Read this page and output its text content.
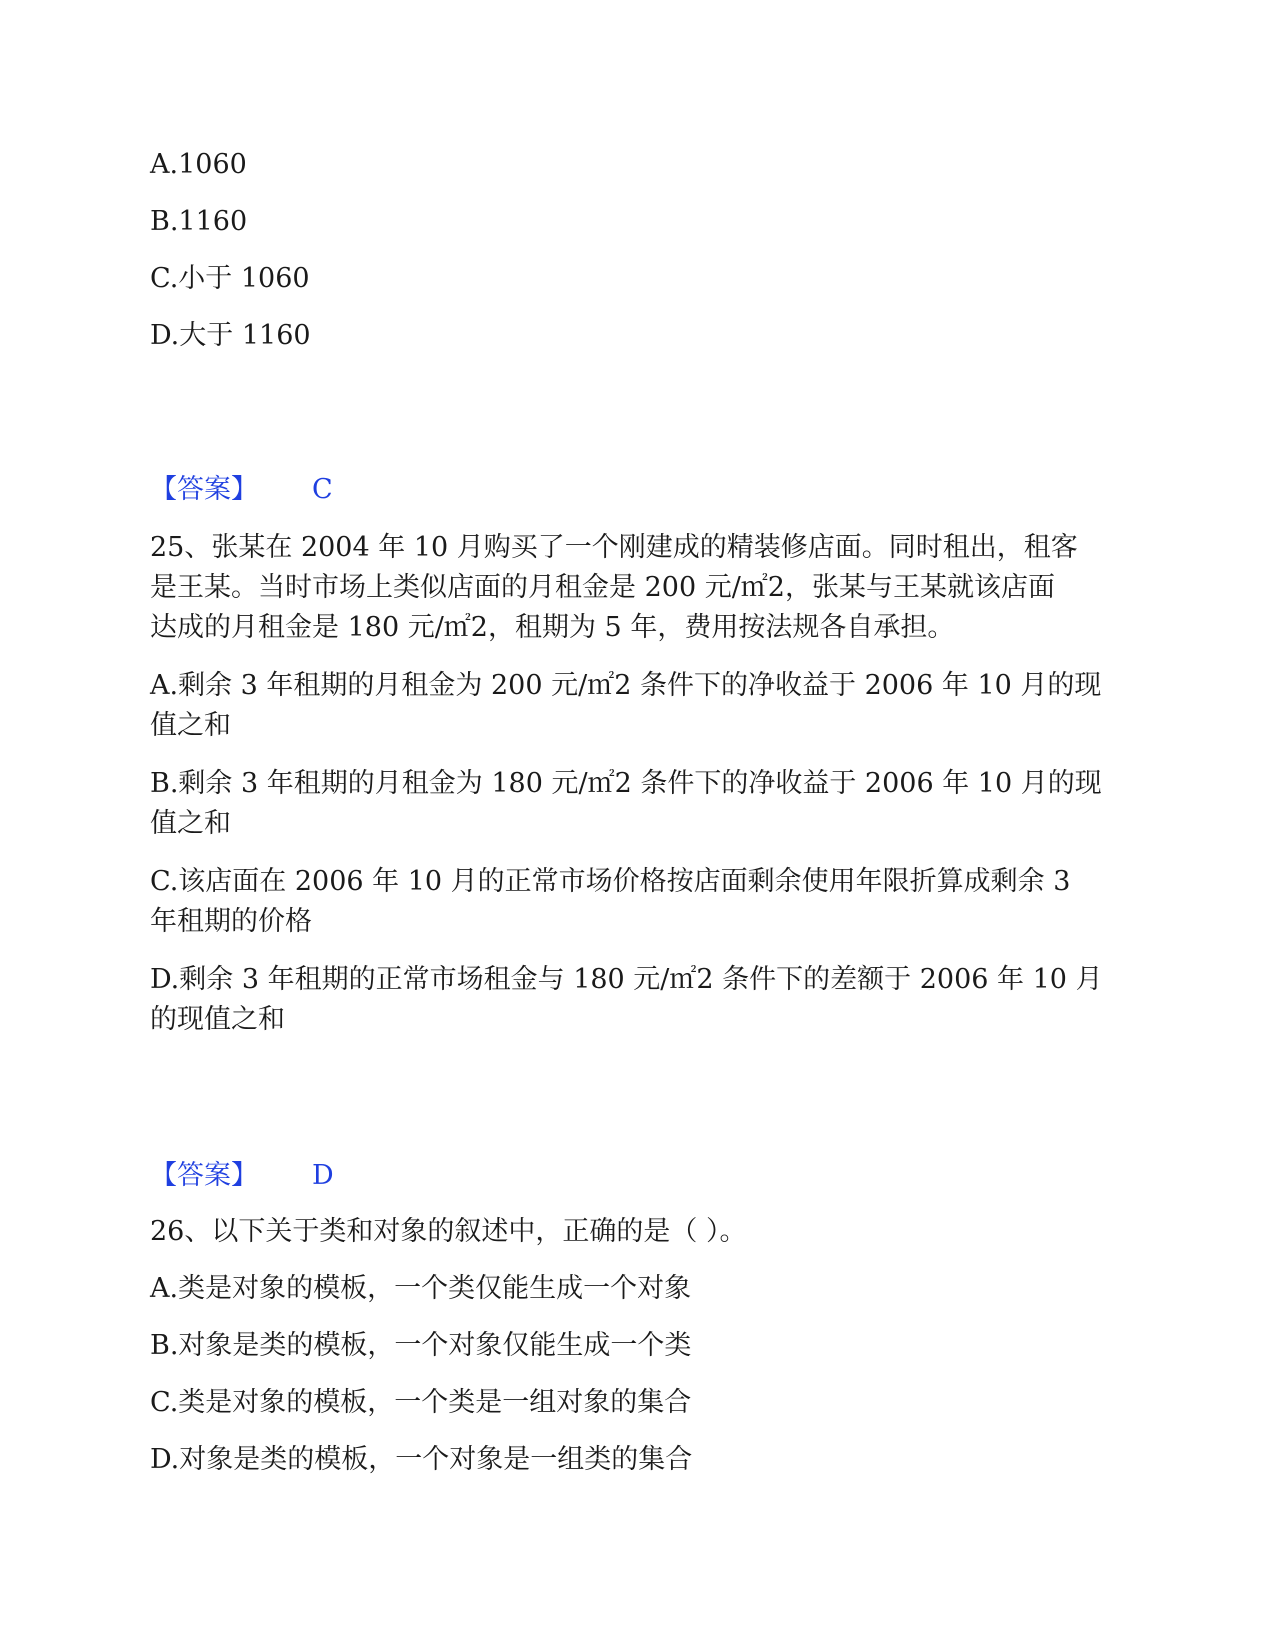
A.1060
B.1160
C.小于 1060
D.大于 1160
【答案】 C
25、张某在 2004 年 10 月购买了一个刚建成的精装修店面。同时租出，租客
是王某。当时市场上类似店面的月租金是 200 元/㎡2，张某与王某就该店面
达成的月租金是 180 元/㎡2，租期为 5 年，费用按法规各自承担。
A.剩余 3 年租期的月租金为 200 元/㎡2 条件下的净收益于 2006 年 10 月的现
值之和
B.剩余 3 年租期的月租金为 180 元/㎡2 条件下的净收益于 2006 年 10 月的现
值之和
C.该店面在 2006 年 10 月的正常市场价格按店面剩余使用年限折算成剩余 3
年租期的价格
D.剩余 3 年租期的正常市场租金与 180 元/㎡2 条件下的差额于 2006 年 10 月
的现值之和
【答案】 D
26、以下关于类和对象的叙述中，正确的是（ ）。
A.类是对象的模板，一个类仅能生成一个对象
B.对象是类的模板，一个对象仅能生成一个类
C.类是对象的模板，一个类是一组对象的集合
D.对象是类的模板，一个对象是一组类的集合
